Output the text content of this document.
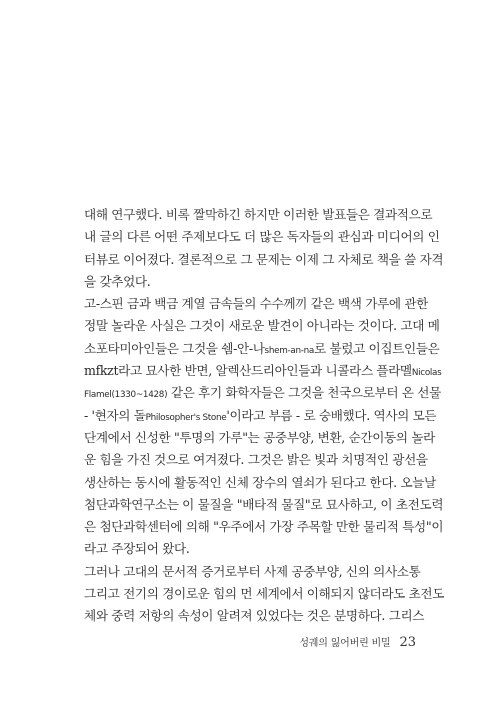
대해 연구했다. 비록 짤막하긴 하지만 이러한 발표들은 결과적으로
내 글의 다른 어떤 주제보다도 더 많은 독자들의 관심과 미디어의 인
터뷰로 이어졌다. 결론적으로 그 문제는 이제 그 자체로 책을 쓸 자격
을 갖추었다.

고-스핀 금과 백금 계열 금속들의 수수께끼 같은 백색 가루에 관한
정말 놀라운 사실은 그것이 새로운 발견이 아니라는 것이다. 고대 메
소포타미아인들은 그것을 쉠-안-나shem-an-na로 불렀고 이집트인들은
mfkzt라고 묘사한 반면, 알렉산드리아인들과 니콜라스 플라멜Nicolas
Flamel(1330~1428) 같은 후기 화학자들은 그것을 천국으로부터 온 선물
- '현자의 돌Philosopher's Stone'이라고 부름 - 로 숭배했다. 역사의 모든
단계에서 신성한 "투명의 가루"는 공중부양, 변환, 순간이동의 놀라
운 힘을 가진 것으로 여겨졌다. 그것은 밝은 빛과 치명적인 광선을
생산하는 동시에 활동적인 신체 장수의 열쇠가 된다고 한다. 오늘날
첨단과학연구소는 이 물질을 "배타적 물질"로 묘사하고, 이 초전도력
은 첨단과학센터에 의해 "우주에서 가장 주목할 만한 물리적 특성"이
라고 주장되어 왔다.

그러나 고대의 문서적 증거로부터 사제 공중부양, 신의 의사소통
그리고 전기의 경이로운 힘의 먼 세계에서 이해되지 않더라도 초전도
체와 중력 저항의 속성이 알려져 있었다는 것은 분명하다. 그리스

성궤의 잃어버린 비밀 23
